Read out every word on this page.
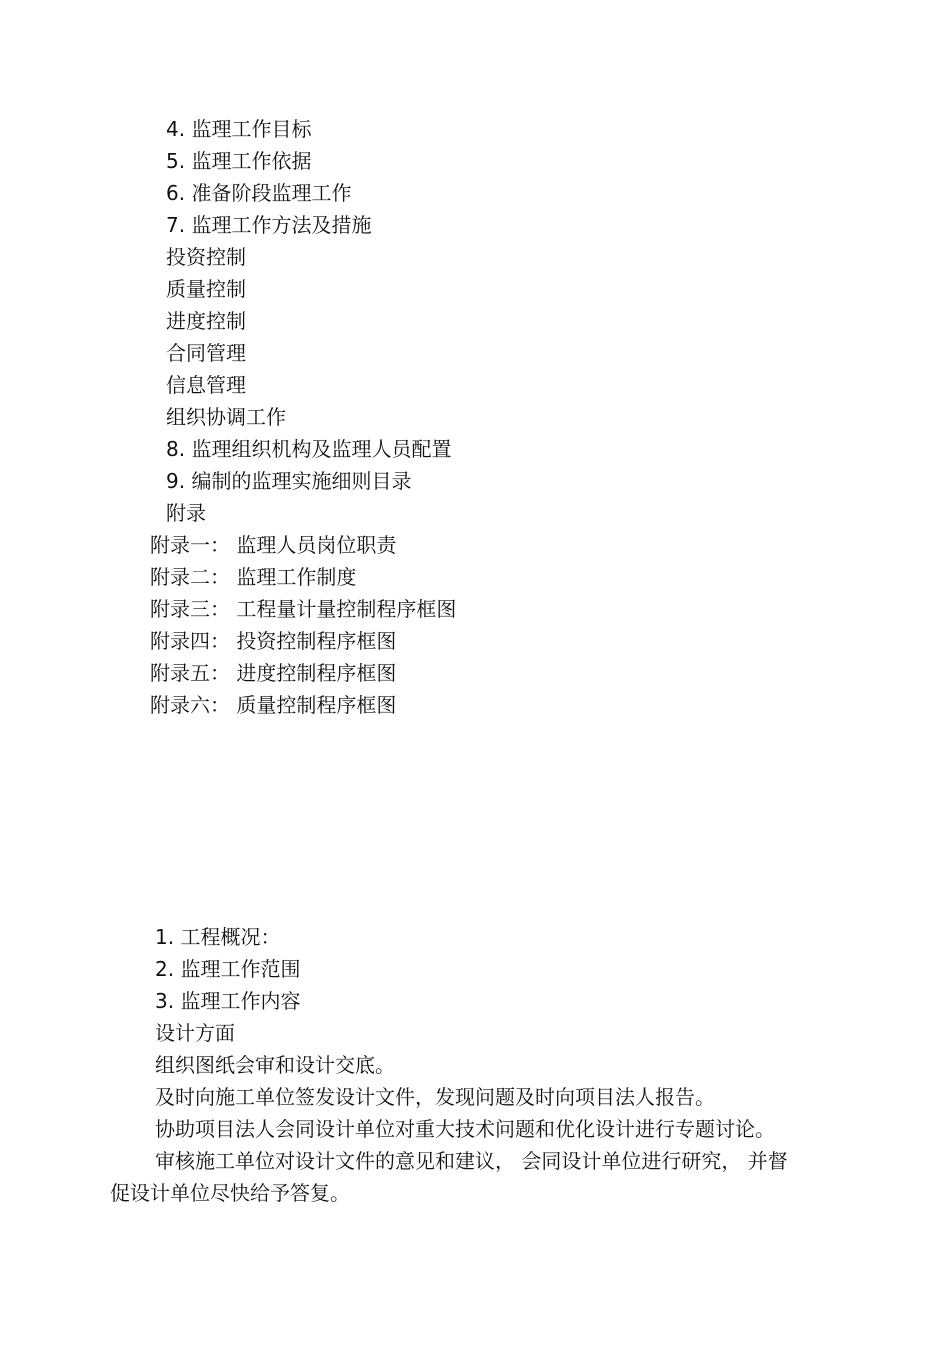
4. 监理工作目标
5. 监理工作依据
6. 准备阶段监理工作
7. 监理工作方法及措施
投资控制
质量控制
进度控制
合同管理
信息管理
组织协调工作
8. 监理组织机构及监理人员配置
9. 编制的监理实施细则目录
附录
附录一： 监理人员岗位职责
附录二： 监理工作制度
附录三： 工程量计量控制程序框图
附录四： 投资控制程序框图
附录五： 进度控制程序框图
附录六： 质量控制程序框图
1. 工程概况：
2. 监理工作范围
3. 监理工作内容
设计方面
组织图纸会审和设计交底。
及时向施工单位签发设计文件，发现问题及时向项目法人报告。
协助项目法人会同设计单位对重大技术问题和优化设计进行专题讨论。
审核施工单位对设计文件的意见和建议， 会同设计单位进行研究， 并督
促设计单位尽快给予答复。
